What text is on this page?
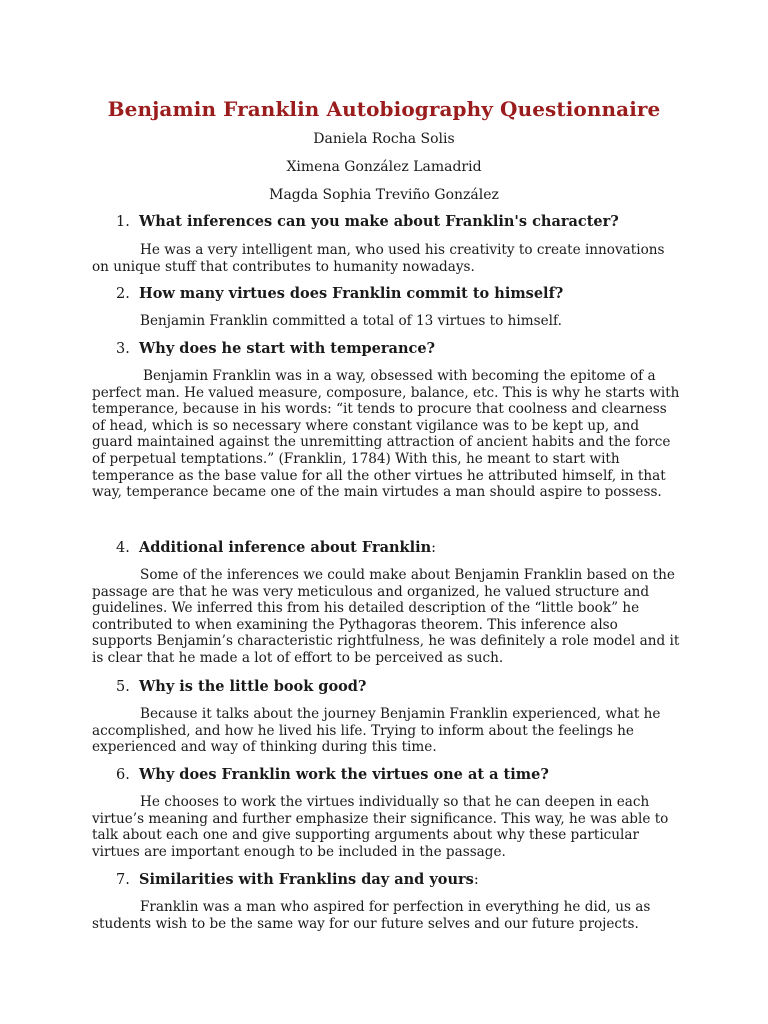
Benjamin Franklin Autobiography Questionnaire
Daniela Rocha Solis
Ximena González Lamadrid
Magda Sophia Treviño González
1. What inferences can you make about Franklin's character?

He was a very intelligent man, who used his creativity to create innovations on unique stuff that contributes to humanity nowadays.

2. How many virtues does Franklin commit to himself?

Benjamin Franklin committed a total of 13 virtues to himself.

3. Why does he start with temperance?

Benjamin Franklin was in a way, obsessed with becoming the epitome of a perfect man. He valued measure, composure, balance, etc. This is why he starts with temperance, because in his words: “it tends to procure that coolness and clearness of head, which is so necessary where constant vigilance was to be kept up, and guard maintained against the unremitting attraction of ancient habits and the force of perpetual temptations.” (Franklin, 1784) With this, he meant to start with temperance as the base value for all the other virtues he attributed himself, in that way, temperance became one of the main virtudes a man should aspire to possess.

4. Additional inference about Franklin:

Some of the inferences we could make about Benjamin Franklin based on the passage are that he was very meticulous and organized, he valued structure and guidelines. We inferred this from his detailed description of the “little book” he contributed to when examining the Pythagoras theorem. This inference also supports Benjamin’s characteristic rightfulness, he was definitely a role model and it is clear that he made a lot of effort to be perceived as such.

5. Why is the little book good?

Because it talks about the journey Benjamin Franklin experienced, what he accomplished, and how he lived his life. Trying to inform about the feelings he experienced and way of thinking during this time.

6. Why does Franklin work the virtues one at a time?

He chooses to work the virtues individually so that he can deepen in each virtue’s meaning and further emphasize their significance. This way, he was able to talk about each one and give supporting arguments about why these particular virtues are important enough to be included in the passage.

7. Similarities with Franklins day and yours:

Franklin was a man who aspired for perfection in everything he did, us as students wish to be the same way for our future selves and our future projects.
